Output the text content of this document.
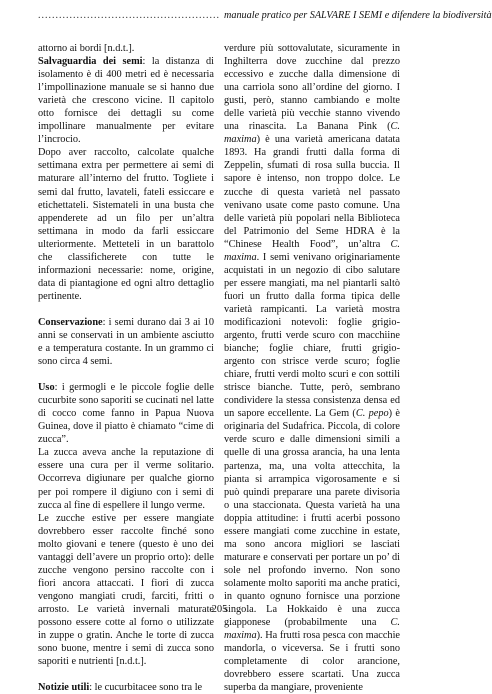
.................................................... manuale pratico per SALVARE I SEMI e difendere la biodiversità

attorno ai bordi [n.d.t.].

Salvaguardia dei semi: la distanza di isolamento è di 400 metri ed è necessaria l’impollinazione manuale se si hanno due varietà che crescono vicine. Il capitolo otto fornisce dei dettagli su come impollinare manualmente per evitare l’incrocio.

Dopo aver raccolto, calcolate qualche settimana extra per permettere ai semi di maturare all’interno del frutto. Togliete i semi dal frutto, lavateli, fateli essiccare e etichettateli. Sistemateli in una busta che appenderete ad un filo per un’altra settimana in modo da farli essiccare ulteriormente. Metteteli in un barattolo che classificherete con tutte le informazioni necessarie: nome, origine, data di piantagione ed ogni altro dettaglio pertinente.

Conservazione: i semi durano dai 3 ai 10 anni se conservati in un ambiente asciutto e a temperatura costante. In un grammo ci sono circa 4 semi.

Uso: i germogli e le piccole foglie delle cucurbite sono saporiti se cucinati nel latte di cocco come fanno in Papua Nuova Guinea, dove il piatto è chiamato “cime di zucca”.

La zucca aveva anche la reputazione di essere una cura per il verme solitario. Occorreva digiunare per qualche giorno per poi rompere il digiuno con i semi di zucca al fine di espellere il lungo verme.

Le zucche estive per essere mangiate dovrebbero esser raccolte finché sono molto giovani e tenere (questo è uno dei vantaggi dell’avere un proprio orto): delle zucche vengono persino raccolte con i fiori ancora attaccati. I fiori di zucca vengono mangiati crudi, farciti, fritti o arrosto. Le varietà invernali maturate possono essere cotte al forno o utilizzate in zuppe o gratin. Anche le torte di zucca sono buone, mentre i semi di zucca sono saporiti e nutrienti [n.d.t.].

Notizie utili: le cucurbitacee sono tra le

verdure più sottovalutate, sicuramente in Inghilterra dove zucchine dal prezzo eccessivo e zucche dalla dimensione di una carriola sono all’ordine del giorno. I gusti, però, stanno cambiando e molte delle varietà più vecchie stanno vivendo una rinascita. La Banana Pink (C. maxima) è una varietà americana datata 1893. Ha grandi frutti dalla forma di Zeppelin, sfumati di rosa sulla buccia. Il sapore è intenso, non troppo dolce. Le zucche di questa varietà nel passato venivano usate come pasto comune. Una delle varietà più popolari nella Biblioteca del Patrimonio del Seme HDRA è la “Chinese Health Food”, un’altra C. maxima. I semi venivano originariamente acquistati in un negozio di cibo salutare per essere mangiati, ma nel piantarli saltò fuori un frutto dalla forma tipica delle varietà rampicanti. La varietà mostra modificazioni notevoli: foglie grigio-argento, frutti verde scuro con macchiine bianche; foglie chiare, frutti grigio-argento con strisce verde scuro; foglie chiare, frutti verdi molto scuri e con sottili strisce bianche. Tutte, però, sembrano condividere la stessa consistenza densa ed un sapore eccellente. La Gem (C. pepo) è originaria del Sudafrica. Piccola, di colore verde scuro e dalle dimensioni simili a quelle di una grossa arancia, ha una lenta partenza, ma, una volta attecchita, la pianta si arrampica vigorosamente e si può quindi preparare una parete divisoria o una staccionata. Questa varietà ha una doppia attitudine: i frutti acerbi possono essere mangiati come zucchine in estate, ma sono ancora migliori se lasciati maturare e conservati per portare un po’ di sole nel profondo inverno. Non sono solamente molto saporiti ma anche pratici, in quanto ognuno fornisce una porzione singola. La Hokkaido è una zucca giapponese (probabilmente una C. maxima). Ha frutti rosa pesca con macchie mandorla, o viceversa. Se i frutti sono completamente di color arancione, dovrebbero essere scartati. Una zucca superba da mangiare, proveniente

205
